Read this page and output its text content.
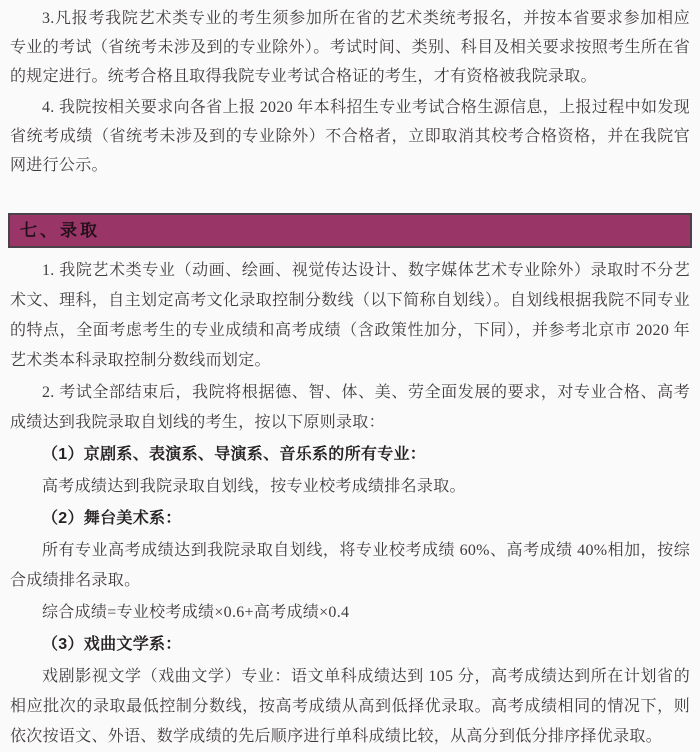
3.凡报考我院艺术类专业的考生须参加所在省的艺术类统考报名，并按本省要求参加相应专业的考试（省统考未涉及到的专业除外）。考试时间、类别、科目及相关要求按照考生所在省的规定进行。统考合格且取得我院专业考试合格证的考生，才有资格被我院录取。

4. 我院按相关要求向各省上报 2020 年本科招生专业考试合格生源信息，上报过程中如发现省统考成绩（省统考未涉及到的专业除外）不合格者，立即取消其校考合格资格，并在我院官网进行公示。

七、录取

1. 我院艺术类专业（动画、绘画、视觉传达设计、数字媒体艺术专业除外）录取时不分艺术文、理科，自主划定高考文化录取控制分数线（以下简称自划线）。自划线根据我院不同专业的特点，全面考虑考生的专业成绩和高考成绩（含政策性加分，下同），并参考北京市 2020 年艺术类本科录取控制分数线而划定。

2. 考试全部结束后，我院将根据德、智、体、美、劳全面发展的要求，对专业合格、高考成绩达到我院录取自划线的考生，按以下原则录取：

（1）京剧系、表演系、导演系、音乐系的所有专业：

高考成绩达到我院录取自划线，按专业校考成绩排名录取。

（2）舞台美术系：

所有专业高考成绩达到我院录取自划线，将专业校考成绩 60%、高考成绩 40%相加，按综合成绩排名录取。

综合成绩=专业校考成绩×0.6+高考成绩×0.4

（3）戏曲文学系：

戏剧影视文学（戏曲文学）专业：语文单科成绩达到 105 分，高考成绩达到所在计划省的相应批次的录取最低控制分数线，按高考成绩从高到低择优录取。高考成绩相同的情况下，则依次按语文、外语、数学成绩的先后顺序进行单科成绩比较，从高分到低分排序择优录取。
